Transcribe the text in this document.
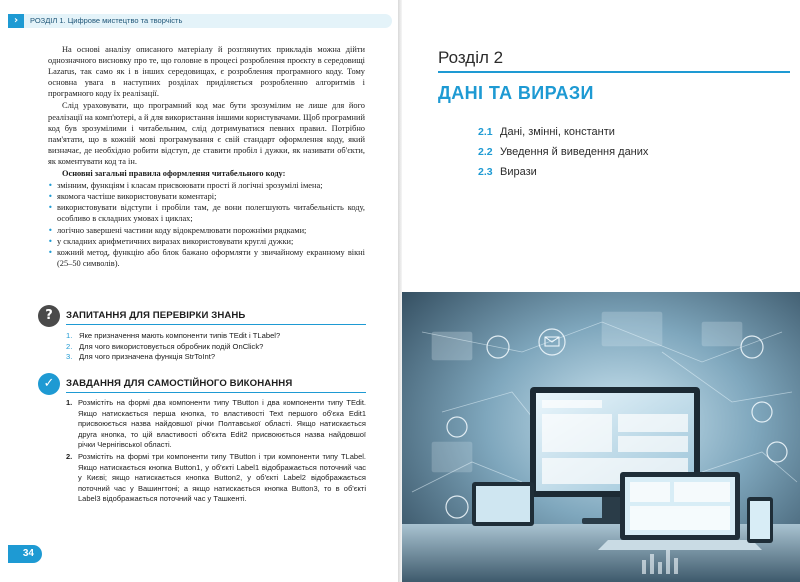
›	РОЗДІЛ 1. Цифрове мистецтво та творчість

На основі аналізу описаного матеріалу й розглянутих прикладів можна дійти однозначного висновку про те, що головне в процесі розроблення проєкту в середовищі Lazarus, так само як і в інших середовищах, є розроблення програмного коду. Тому основна увага в наступних розділах приділяється розробленню алгоритмів і програмного коду їх реалізації.

Слід ураховувати, що програмний код має бути зрозумілим не лише для його реалізації на комп'ютері, а й для використання іншими користувачами. Щоб програмний код був зрозумілими і читабельним, слід дотримуватися певних правил. Потрібно пам'ятати, що в кожній мові програмування є свій стандарт оформлення коду, який визначає, де необхідно робити відступ, де ставити пробіл і дужки, як називати об'єкти, як коментувати код та ін.

Основні загальні правила оформлення читабельного коду:

• змінним, функціям і класам присвоювати прості й логічні зрозумілі імена;
• якомога частіше використовувати коментарі;
• використовувати відступи і пробіли там, де вони полегшують читабельність коду, особливо в складних умовах і циклах;
• логічно завершені частини коду відокремлювати порожніми рядками;
• у складних арифметичних виразах використовувати круглі дужки;
• кожний метод, функцію або блок бажано оформляти у звичайному екранному вікні (25–50 символів).
?	ЗАПИТАННЯ ДЛЯ ПЕРЕВІРКИ ЗНАНЬ
1. Яке призначення мають компоненти типів TEdit і TLabel?
2. Для чого використовується обробник подій OnClick?
3. Для чого призначена функція StrToInt?
✓	ЗАВДАННЯ ДЛЯ САМОСТІЙНОГО ВИКОНАННЯ
1. Розмістіть на формі два компоненти типу TButton і два компоненти типу TEdit. Якщо натискається перша кнопка, то властивості Text першого об'єка Edit1 присвоюється назва найдовшої річки Полтавської області. Якщо натискається друга кнопка, то цій властивості об'єкта Edit2 присвоюється назва найдовшої річки Чернігівської області.
2. Розмістіть на формі три компоненти типу TButton і три компоненти типу TLabel. Якщо натискається кнопка Button1, у об'єкті Label1 відображається поточний час у Києві; якщо натискається кнопка Button2, у об'єкті Label2 відображається поточний час у Вашингтоні; а якщо натискається кнопка Button3, то в об'єкті Label3 відображається поточний час у Ташкенті.
34
Розділ 2
ДАНІ ТА ВИРАЗИ
2.1 Дані, змінні, константи
2.2 Уведення й виведення даних
2.3 Вирази
